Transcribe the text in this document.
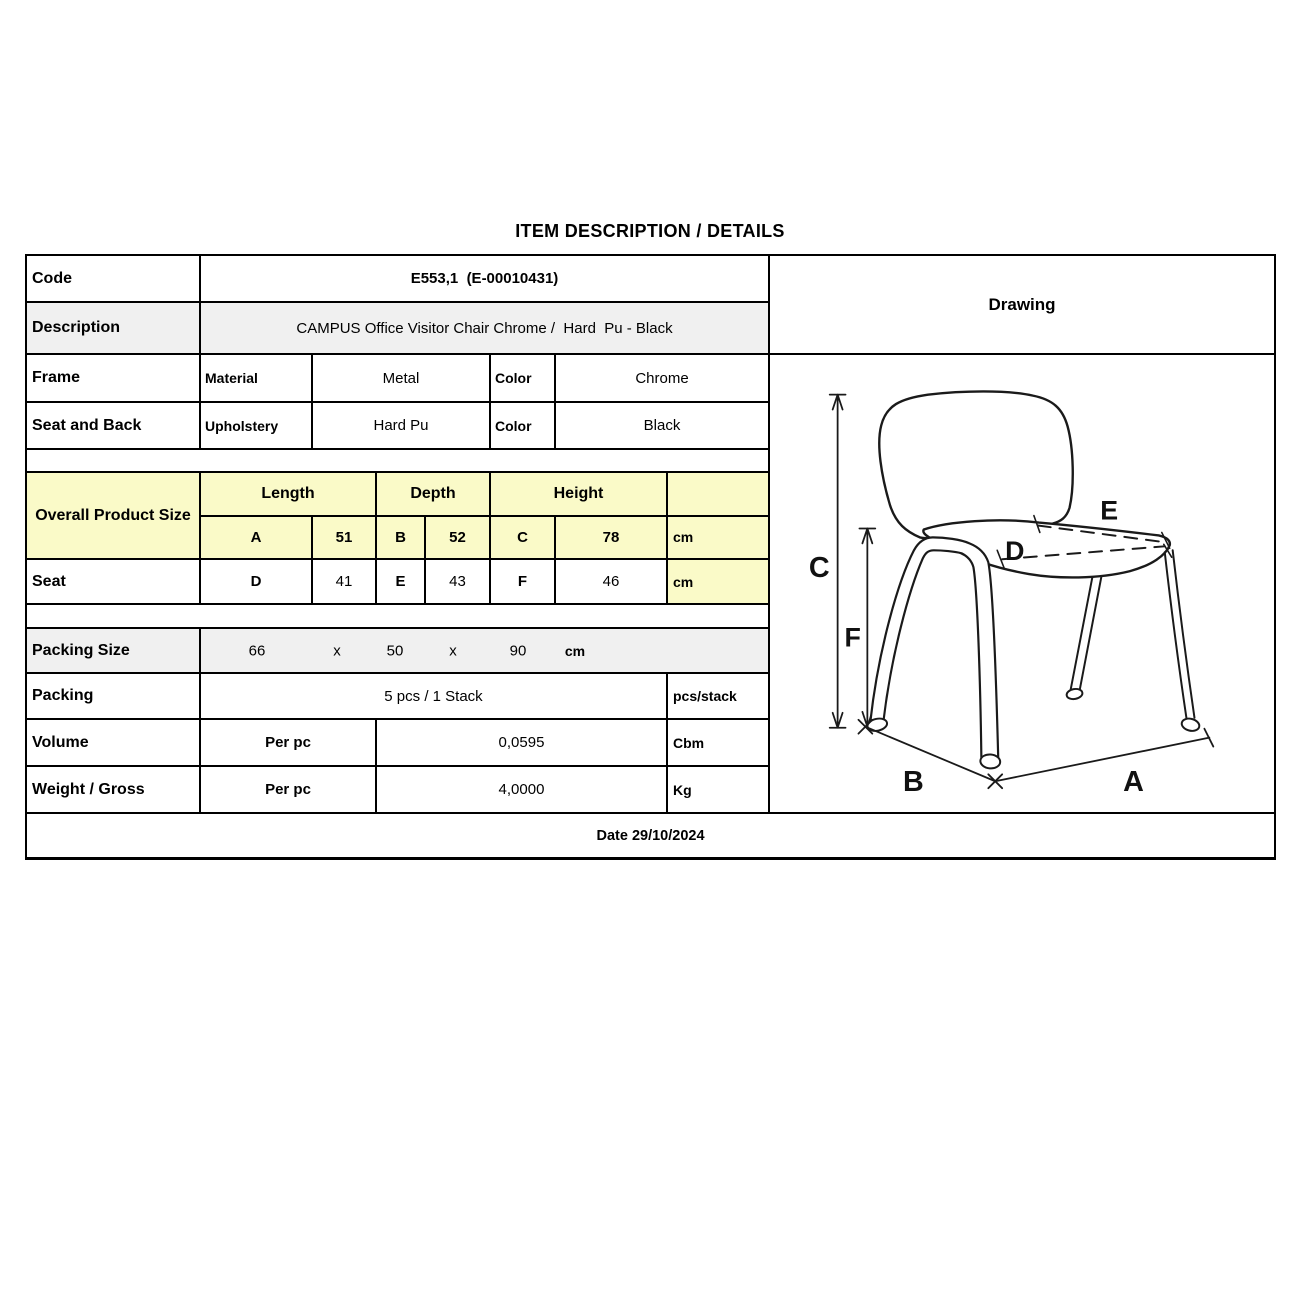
ITEM DESCRIPTION / DETAILS
Code	E553,1  (E-00010431)
Description	CAMPUS Office Visitor Chair Chrome /  Hard  Pu - Black
Frame	Material	Metal	Color	Chrome
Seat and Back	Upholstery	Hard Pu	Color	Black
Overall Product Size
Length	Depth	Height
A	51	B	52	C	78	cm
Seat	D	41	E	43	F	46	cm
Packing Size	66	x	50	x	90	cm
Packing	5 pcs / 1 Stack	pcs/stack
Volume	Per pc	0,0595	Cbm
Weight / Gross	Per pc	4,0000	Kg
Drawing
C
F
E
D
B	A
Date 29/10/2024
